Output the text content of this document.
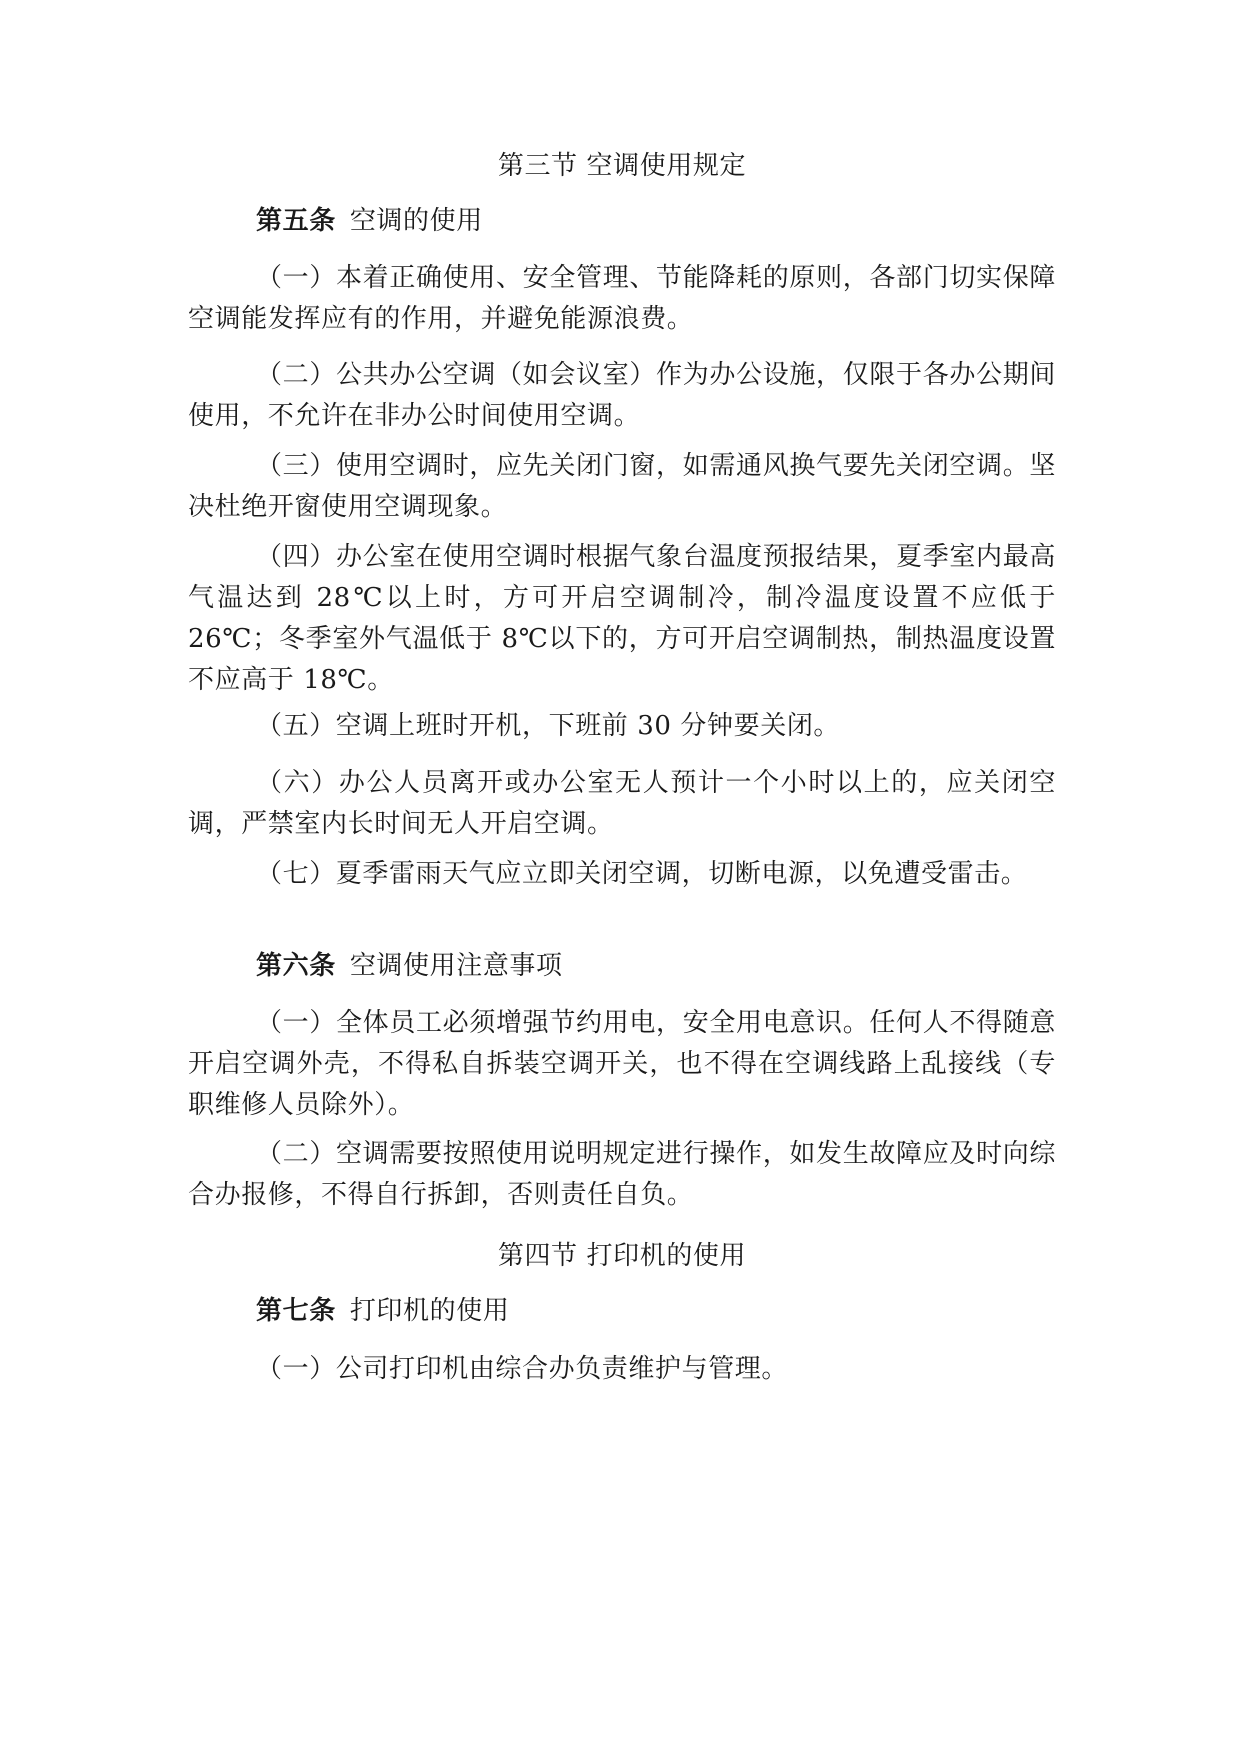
第三节 空调使用规定
第五条 空调的使用
（一）本着正确使用、安全管理、节能降耗的原则，各部门切实保障空调能发挥应有的作用，并避免能源浪费。
（二）公共办公空调（如会议室）作为办公设施，仅限于各办公期间使用，不允许在非办公时间使用空调。
（三）使用空调时，应先关闭门窗，如需通风换气要先关闭空调。坚决杜绝开窗使用空调现象。
（四）办公室在使用空调时根据气象台温度预报结果，夏季室内最高气温达到 28℃以上时，方可开启空调制冷，制冷温度设置不应低于 26℃；冬季室外气温低于 8℃以下的，方可开启空调制热，制热温度设置不应高于 18℃。
（五）空调上班时开机，下班前 30 分钟要关闭。
（六）办公人员离开或办公室无人预计一个小时以上的，应关闭空调，严禁室内长时间无人开启空调。
（七）夏季雷雨天气应立即关闭空调，切断电源，以免遭受雷击。
第六条 空调使用注意事项
（一）全体员工必须增强节约用电，安全用电意识。任何人不得随意开启空调外壳，不得私自拆装空调开关，也不得在空调线路上乱接线（专职维修人员除外）。
（二）空调需要按照使用说明规定进行操作，如发生故障应及时向综合办报修，不得自行拆卸，否则责任自负。
第四节 打印机的使用
第七条 打印机的使用
（一）公司打印机由综合办负责维护与管理。
